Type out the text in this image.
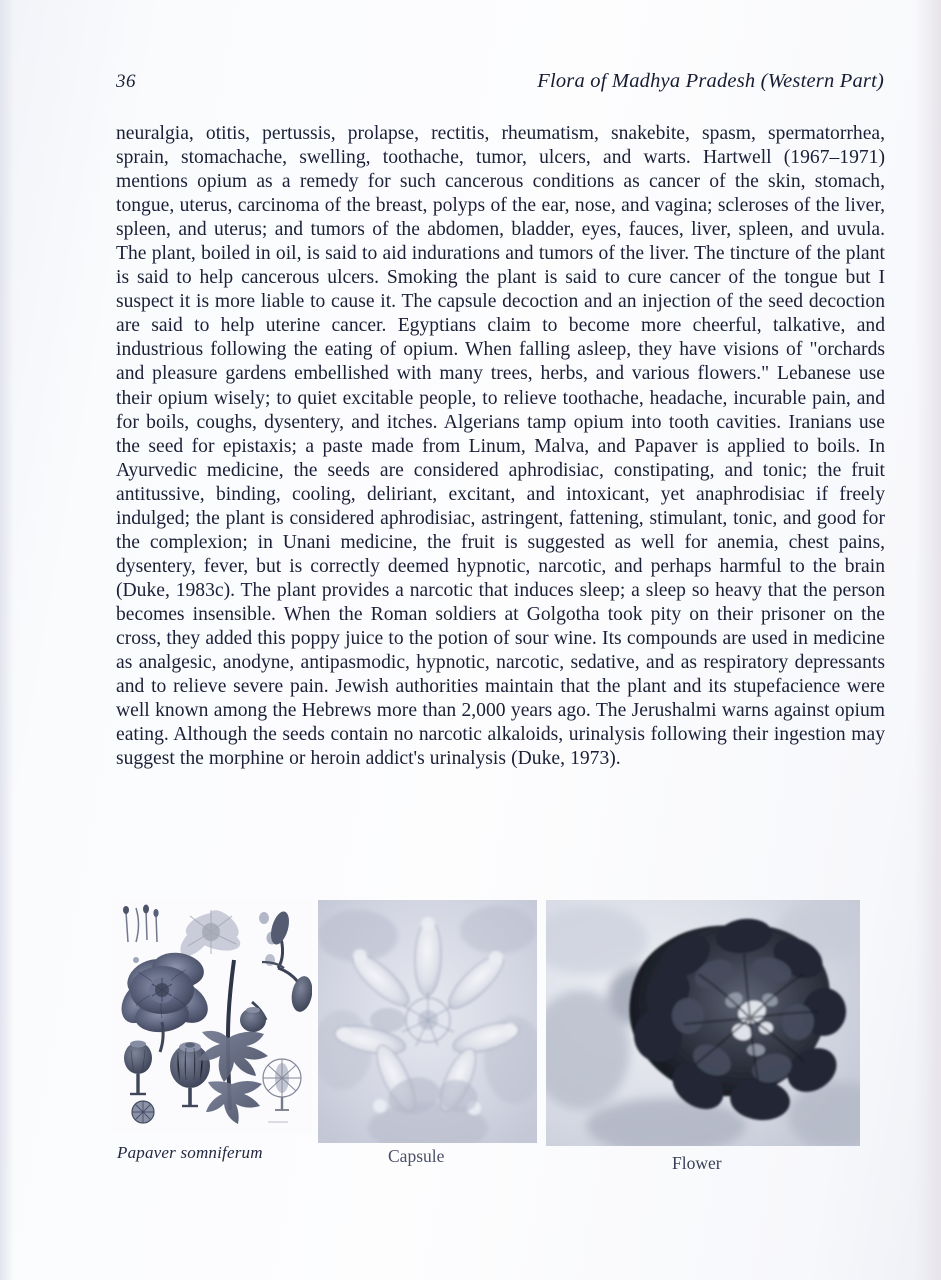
36	Flora of Madhya Pradesh (Western Part)

neuralgia, otitis, pertussis, prolapse, rectitis, rheumatism, snakebite, spasm, spermatorrhea, sprain, stomachache, swelling, toothache, tumor, ulcers, and warts. Hartwell (1967–1971) mentions opium as a remedy for such cancerous conditions as cancer of the skin, stomach, tongue, uterus, carcinoma of the breast, polyps of the ear, nose, and vagina; scleroses of the liver, spleen, and uterus; and tumors of the abdomen, bladder, eyes, fauces, liver, spleen, and uvula. The plant, boiled in oil, is said to aid indurations and tumors of the liver. The tincture of the plant is said to help cancerous ulcers. Smoking the plant is said to cure cancer of the tongue but I suspect it is more liable to cause it. The capsule decoction and an injection of the seed decoction are said to help uterine cancer. Egyptians claim to become more cheerful, talkative, and industrious following the eating of opium. When falling asleep, they have visions of "orchards and pleasure gardens embellished with many trees, herbs, and various flowers." Lebanese use their opium wisely; to quiet excitable people, to relieve toothache, headache, incurable pain, and for boils, coughs, dysentery, and itches. Algerians tamp opium into tooth cavities. Iranians use the seed for epistaxis; a paste made from Linum, Malva, and Papaver is applied to boils. In Ayurvedic medicine, the seeds are considered aphrodisiac, constipating, and tonic; the fruit antitussive, binding, cooling, deliriant, excitant, and intoxicant, yet anaphrodisiac if freely indulged; the plant is considered aphrodisiac, astringent, fattening, stimulant, tonic, and good for the complexion; in Unani medicine, the fruit is suggested as well for anemia, chest pains, dysentery, fever, but is correctly deemed hypnotic, narcotic, and perhaps harmful to the brain (Duke, 1983c). The plant provides a narcotic that induces sleep; a sleep so heavy that the person becomes insensible. When the Roman soldiers at Golgotha took pity on their prisoner on the cross, they added this poppy juice to the potion of sour wine. Its compounds are used in medicine as analgesic, anodyne, antipasmodic, hypnotic, narcotic, sedative, and as respiratory depressants and to relieve severe pain. Jewish authorities maintain that the plant and its stupefacience were well known among the Hebrews more than 2,000 years ago. The Jerushalmi warns against opium eating. Although the seeds contain no narcotic alkaloids, urinalysis following their ingestion may suggest the morphine or heroin addict's urinalysis (Duke, 1973).

Papaver somniferum	Capsule	Flower
